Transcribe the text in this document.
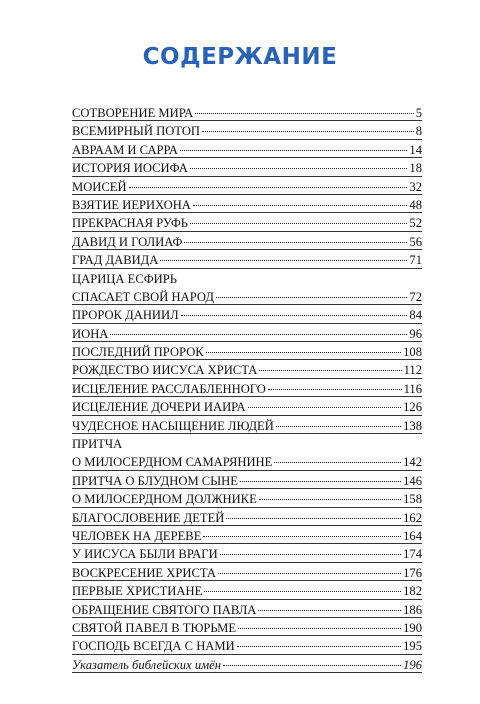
СОДЕРЖАНИЕ
СОТВОРЕНИЕ МИРА	5
ВСЕМИРНЫЙ ПОТОП	8
АВРААМ И САРРА	14
ИСТОРИЯ ИОСИФА	18
МОИСЕЙ	32
ВЗЯТИЕ ИЕРИХОНА	48
ПРЕКРАСНАЯ РУФЬ	52
ДАВИД И ГОЛИАФ	56
ГРАД ДАВИДА	71
ЦАРИЦА ЕСФИРЬ
СПАСАЕТ СВОЙ НАРОД	72
ПРОРОК ДАНИИЛ	84
ИОНА	96
ПОСЛЕДНИЙ ПРОРОК	108
РОЖДЕСТВО ИИСУСА ХРИСТА	112
ИСЦЕЛЕНИЕ РАССЛАБЛЕННОГО	116
ИСЦЕЛЕНИЕ ДОЧЕРИ ИАИРА	126
ЧУДЕСНОЕ НАСЫЩЕНИЕ ЛЮДЕЙ	138
ПРИТЧА
О МИЛОСЕРДНОМ САМАРЯНИНЕ	142
ПРИТЧА О БЛУДНОМ СЫНЕ	146
О МИЛОСЕРДНОМ ДОЛЖНИКЕ	158
БЛАГОСЛОВЕНИЕ ДЕТЕЙ	162
ЧЕЛОВЕК НА ДЕРЕВЕ	164
У ИИСУСА БЫЛИ ВРАГИ	174
ВОСКРЕСЕНИЕ ХРИСТА	176
ПЕРВЫЕ ХРИСТИАНЕ	182
ОБРАЩЕНИЕ СВЯТОГО ПАВЛА	186
СВЯТОЙ ПАВЕЛ В ТЮРЬМЕ	190
ГОСПОДЬ ВСЕГДА С НАМИ	195
Указатель библейских имён	196
